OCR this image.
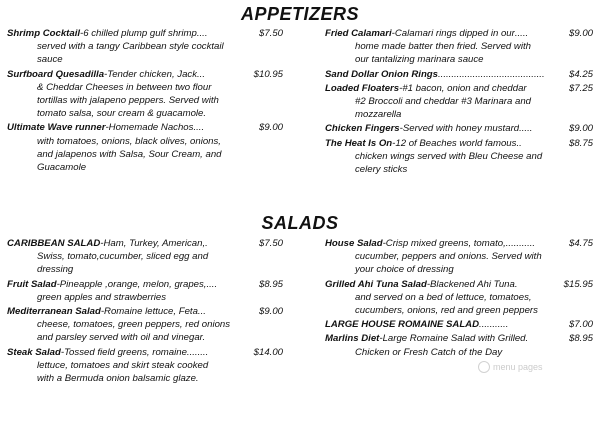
APPETIZERS
Shrimp Cocktail - 6 chilled plump gulf shrimp ....	$7.50
served with a tangy Caribbean style cocktail
sauce
Surfboard Quesadilla - Tender chicken, Jack ...	$10.95
& Cheddar Cheeses in between two flour
tortillas with jalapeno peppers. Served with
tomato salsa, sour cream & guacamole.
Ultimate Wave runner - Homemade Nachos ....	$9.00
with tomatoes, onions, black olives, onions,
and jalapenos with Salsa, Sour Cream, and
Guacamole
Fried Calamari - Calamari rings dipped in our .....	$9.00
home made batter then fried. Served with
our tantalizing marinara sauce
Sand Dollar Onion Rings ........................................	$4.25
Loaded Floaters - #1 bacon, onion and cheddar	$7.25
#2 Broccoli and cheddar #3 Marinara and
mozzarella
Chicken Fingers - Served with honey mustard .....	$9.00
The Heat Is On - 12 of Beaches world famous ..	$8.75
chicken wings served with Bleu Cheese and
celery sticks
SALADS
CARIBBEAN SALAD - Ham, Turkey, American, .	$7.50
Swiss, tomato,cucumber, sliced egg and
dressing
Fruit Salad - Pineapple ,orange, melon, grapes, ....	$8.95
green apples and strawberries
Mediterranean Salad - Romaine lettuce, Feta ...	$9.00
cheese, tomatoes, green peppers, red onions
and parsley served with oil and vinegar.
Steak Salad - Tossed field greens, romaine ........	$14.00
lettuce, tomatoes and skirt steak cooked
with a Bermuda onion balsamic glaze.
House Salad - Crisp mixed greens, tomato, ...........	$4.75
cucumber, peppers and onions. Served with
your choice of dressing
Grilled Ahi Tuna Salad - Blackened Ahi Tuna .	$15.95
and served on a bed of lettuce, tomatoes,
cucumbers, onions, red and green peppers
LARGE HOUSE ROMAINE SALAD ...........	$7.00
Marlins Diet - Large Romaine Salad with Grilled .	$8.95
Chicken or Fresh Catch of the Day
menu pages
